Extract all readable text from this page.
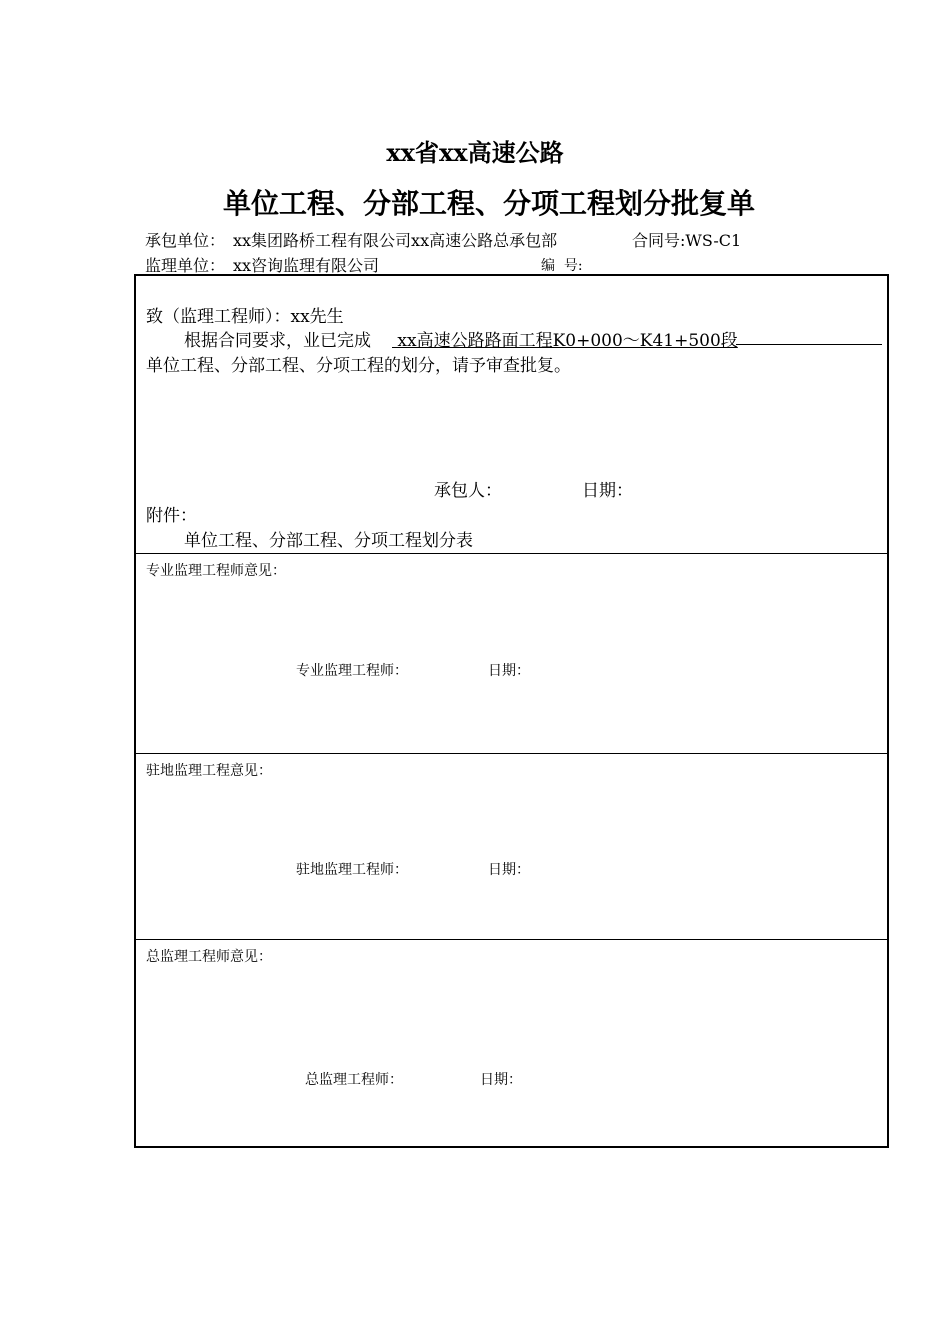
xx省xx高速公路
单位工程、分部工程、分项工程划分批复单
承包单位： xx集团路桥工程有限公司xx高速公路总承包部	合同号:WS-C1
监理单位： xx咨询监理有限公司	编  号:
致（监理工程师）：xx先生
根据合同要求，业已完成 xx高速公路路面工程K0+000～K41+500段
单位工程、分部工程、分项工程的划分，请予审查批复。
承包人：	日期：
附件：
单位工程、分部工程、分项工程划分表
专业监理工程师意见：
专业监理工程师：	日期：
驻地监理工程意见：
驻地监理工程师：	日期：
总监理工程师意见：
总监理工程师：	日期：
